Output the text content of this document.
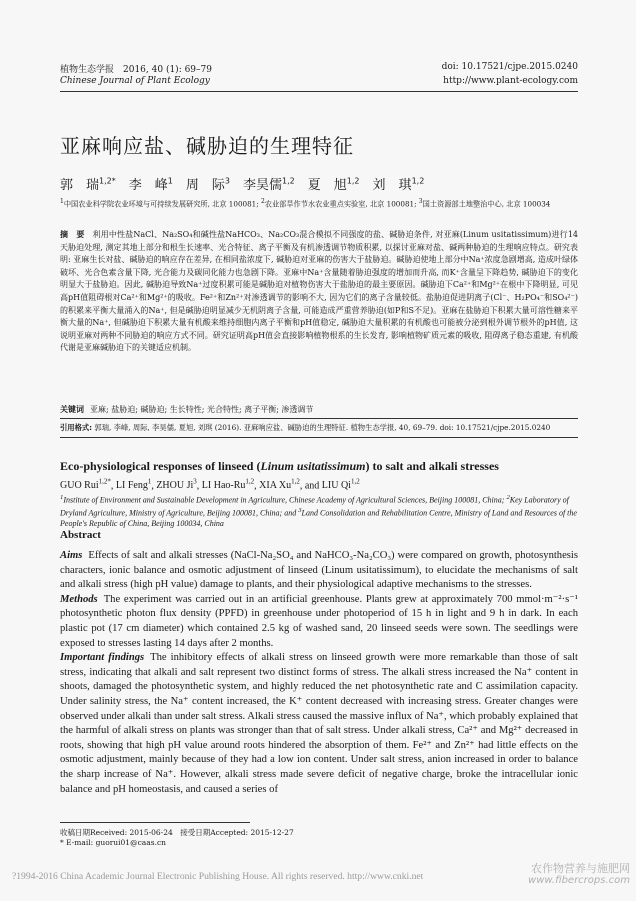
植物生态学报　2016, 40 (1): 69–79	doi: 10.17521/cjpe.2015.0240
Chinese Journal of Plant Ecology	http://www.plant-ecology.com
亚麻响应盐、碱胁迫的生理特征
郭　瑞$^{1,2*}$　 李　峰$^1$　 周　际$^3$　 李昊儒$^{1,2}$　 夏　旭$^{1,2}$　 刘　琪$^{1,2}$
$^1$中国农业科学院农业环境与可持续发展研究所, 北京 100081; $^2$农业部旱作节水农业重点实验室, 北京 100081; $^3$国土资源部土地整治中心, 北京 100034
摘　要 利用中性盐NaCl、Na₂SO₄和碱性盐NaHCO₃、Na₂CO₃混合模拟不同强度的盐、碱胁迫条件, 对亚麻(Linum usitatissimum)进行14天胁迫处理, 测定其地上部分和根生长速率、光合特征、离子平衡及有机渗透调节物质积累, 以探讨亚麻对盐、碱两种胁迫的生理响应特点。研究表明: 亚麻生长对盐、碱胁迫的响应存在差异, 在相同盐浓度下, 碱胁迫对亚麻的伤害大于盐胁迫。碱胁迫使地上部分中Na⁺浓度急剧增高, 造成叶绿体破坏、光合色素含量下降, 光合能力及碳同化能力也急剧下降。亚麻中Na⁺含量随着胁迫强度的增加而升高, 而K⁺含量呈下降趋势, 碱胁迫下的变化明显大于盐胁迫。因此, 碱胁迫导致Na⁺过度积累可能是碱胁迫对植物伤害大于盐胁迫的最主要原因。碱胁迫下Ca²⁺和Mg²⁺在根中下降明显, 可见高pH值阻碍根对Ca²⁺和Mg²⁺的吸收。Fe²⁺和Zn²⁺对渗透调节的影响不大, 因为它们的离子含量较低。盐胁迫促进阴离子(Cl⁻、H₂PO₄⁻和SO₄²⁻)的积累来平衡大量涌入的Na⁺, 但是碱胁迫明显减少无机阴离子含量, 可能造成严重营养胁迫(如P和S不足)。亚麻在盐胁迫下积累大量可溶性糖来平衡大量的Na⁺, 但碱胁迫下积累大量有机酸来维持细胞内离子平衡和pH值稳定, 碱胁迫大量积累的有机酸也可能被分泌到根外调节根外的pH值, 这说明亚麻对两种不同胁迫的响应方式不同。研究证明高pH值会直接影响植物根系的生长发育, 影响植物矿质元素的吸收, 阻碍离子稳态重建, 有机酸代谢是亚麻碱胁迫下的关键适应机制。
关键词 亚麻; 盐胁迫; 碱胁迫; 生长特性; 光合特性; 离子平衡; 渗透调节
引用格式: 郭瑞, 李峰, 周际, 李昊儒, 夏旭, 刘琪 (2016). 亚麻响应盐、碱胁迫的生理特征. 植物生态学报, 40, 69–79. doi: 10.17521/cjpe.2015.0240
Eco-physiological responses of linseed (Linum usitatissimum) to salt and alkali stresses
GUO Rui$^{1,2*}$, LI Feng$^1$, ZHOU Ji$^3$, LI Hao-Ru$^{1,2}$, XIA Xu$^{1,2}$, and LIU Qi$^{1,2}$
$^1$Institute of Environment and Sustainable Development in Agriculture, Chinese Academy of Agricultural Sciences, Beijing 100081, China; $^2$Key Laboratory of Dryland Agriculture, Ministry of Agriculture, Beijing 100081, China; and $^3$Land Consolidation and Rehabilitation Centre, Ministry of Land and Resources of the People's Republic of China, Beijing 100034, China
Abstract

Aims Effects of salt and alkali stresses (NaCl-Na₂SO₄ and NaHCO₃-Na₂CO₃) were compared on growth, photosynthesis characters, ionic balance and osmotic adjustment of linseed (Linum usitatissimum), to elucidate the mechanisms of salt and alkali stress (high pH value) damage to plants, and their physiological adaptive mechanisms to the stresses.

Methods The experiment was carried out in an artificial greenhouse. Plants grew at approximately 700 mmol·m⁻²·s⁻¹ photosynthetic photon flux density (PPFD) in greenhouse under photoperiod of 15 h in light and 9 h in dark. In each plastic pot (17 cm diameter) which contained 2.5 kg of washed sand, 20 linseed seeds were sown. The seedlings were exposed to stresses lasting 14 days after 2 months.

Important findings The inhibitory effects of alkali stress on linseed growth were more remarkable than those of salt stress, indicating that alkali and salt represent two distinct forms of stress. The alkali stress increased the Na⁺ content in shoots, damaged the photosynthetic system, and highly reduced the net photosynthetic rate and C assimilation capacity. Under salinity stress, the Na⁺ content increased, the K⁺ content decreased with increasing stress. Greater changes were observed under alkali than under salt stress. Alkali stress caused the massive influx of Na⁺, which probably explained that the harmful of alkali stress on plants was stronger than that of salt stress. Under alkali stress, Ca²⁺ and Mg²⁺ decreased in roots, showing that high pH value around roots hindered the absorption of them. Fe²⁺ and Zn²⁺ had little effects on the osmotic adjustment, mainly because of they had a low ion content. Under salt stress, anion increased in order to balance the sharp increase of Na⁺. However, alkali stress made severe deficit of negative charge, broke the intracellular ionic balance and pH homeostasis, and caused a series of

收稿日期Received: 2015-06-24　接受日期Accepted: 2015-12-27
* E-mail: guorui01@caas.cn
?1994-2016 China Academic Journal Electronic Publishing House. All rights reserved. http://www.cnki.net
农作物营养与施肥网
www.fibercrops.com
